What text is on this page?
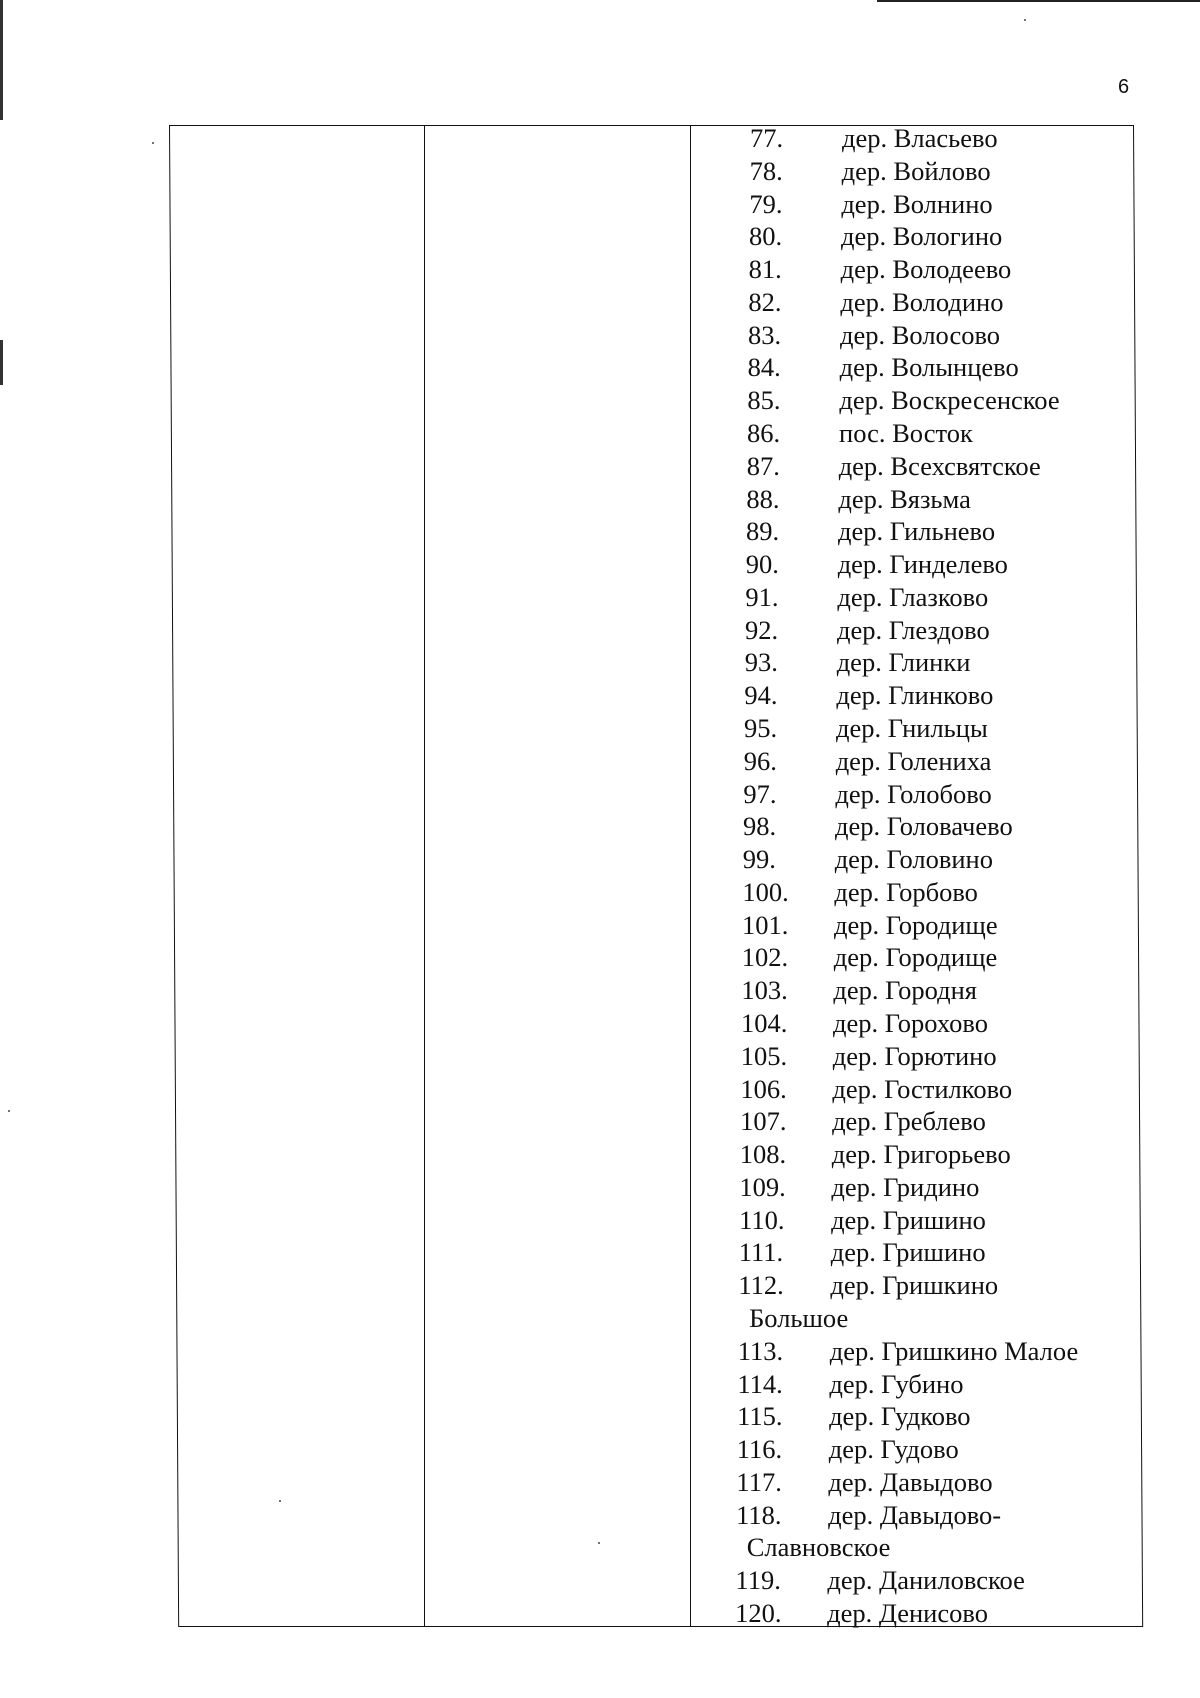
6
77. дер. Власьево
78. дер. Войлово
79. дер. Волнино
80. дер. Вологино
81. дер. Володеево
82. дер. Володино
83. дер. Волосово
84. дер. Волынцево
85. дер. Воскресенское
86. пос. Восток
87. дер. Всехсвятское
88. дер. Вязьма
89. дер. Гильнево
90. дер. Гинделево
91. дер. Глазково
92. дер. Глездово
93. дер. Глинки
94. дер. Глинково
95. дер. Гнильцы
96. дер. Голениха
97. дер. Голобово
98. дер. Головачево
99. дер. Головино
100. дер. Горбово
101. дер. Городище
102. дер. Городище
103. дер. Городня
104. дер. Горохово
105. дер. Горютино
106. дер. Гостилково
107. дер. Греблево
108. дер. Григорьево
109. дер. Гридино
110. дер. Гришино
111. дер. Гришино
112. дер. Гришкино
Большое
113. дер. Гришкино Малое
114. дер. Губино
115. дер. Гудково
116. дер. Гудово
117. дер. Давыдово
118. дер. Давыдово-
Славновское
119. дер. Даниловское
120. дер. Денисово
